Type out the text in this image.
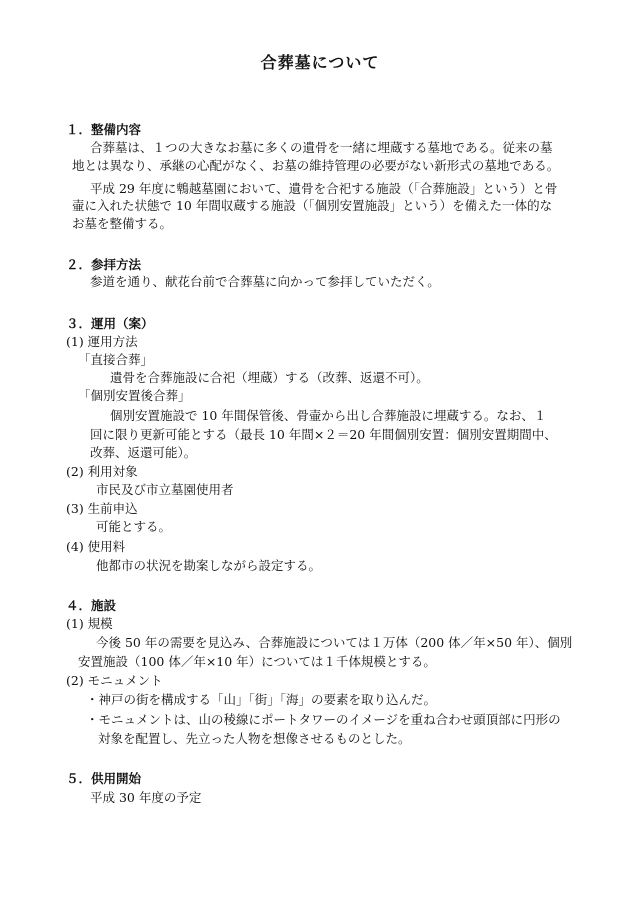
合葬墓について
１．整備内容
合葬墓は、１つの大きなお墓に多くの遺骨を一緒に埋蔵する墓地である。従来の墓
地とは異なり、承継の心配がなく、お墓の維持管理の必要がない新形式の墓地である。
平成 29 年度に鵯越墓園において、遺骨を合祀する施設（「合葬施設」という）と骨
壷に入れた状態で 10 年間収蔵する施設（「個別安置施設」という）を備えた一体的な
お墓を整備する。
２．参拝方法
参道を通り、献花台前で合葬墓に向かって参拝していただく。
３．運用（案）
(1) 運用方法
「直接合葬」
遺骨を合葬施設に合祀（埋蔵）する（改葬、返還不可）。
「個別安置後合葬」
個別安置施設で 10 年間保管後、骨壷から出し合葬施設に埋蔵する。なお、１
回に限り更新可能とする（最長 10 年間×２＝20 年間個別安置：個別安置期間中、
改葬、返還可能）。
(2) 利用対象
市民及び市立墓園使用者
(3) 生前申込
可能とする。
(4) 使用料
他都市の状況を勘案しながら設定する。
４．施設
(1) 規模
今後 50 年の需要を見込み、合葬施設については１万体（200 体／年×50 年）、個別
安置施設（100 体／年×10 年）については１千体規模とする。
(2) モニュメント
・神戸の街を構成する「山」「街」「海」の要素を取り込んだ。
・モニュメントは、山の稜線にポートタワーのイメージを重ね合わせ頭頂部に円形の
対象を配置し、先立った人物を想像させるものとした。
５．供用開始
平成 30 年度の予定
